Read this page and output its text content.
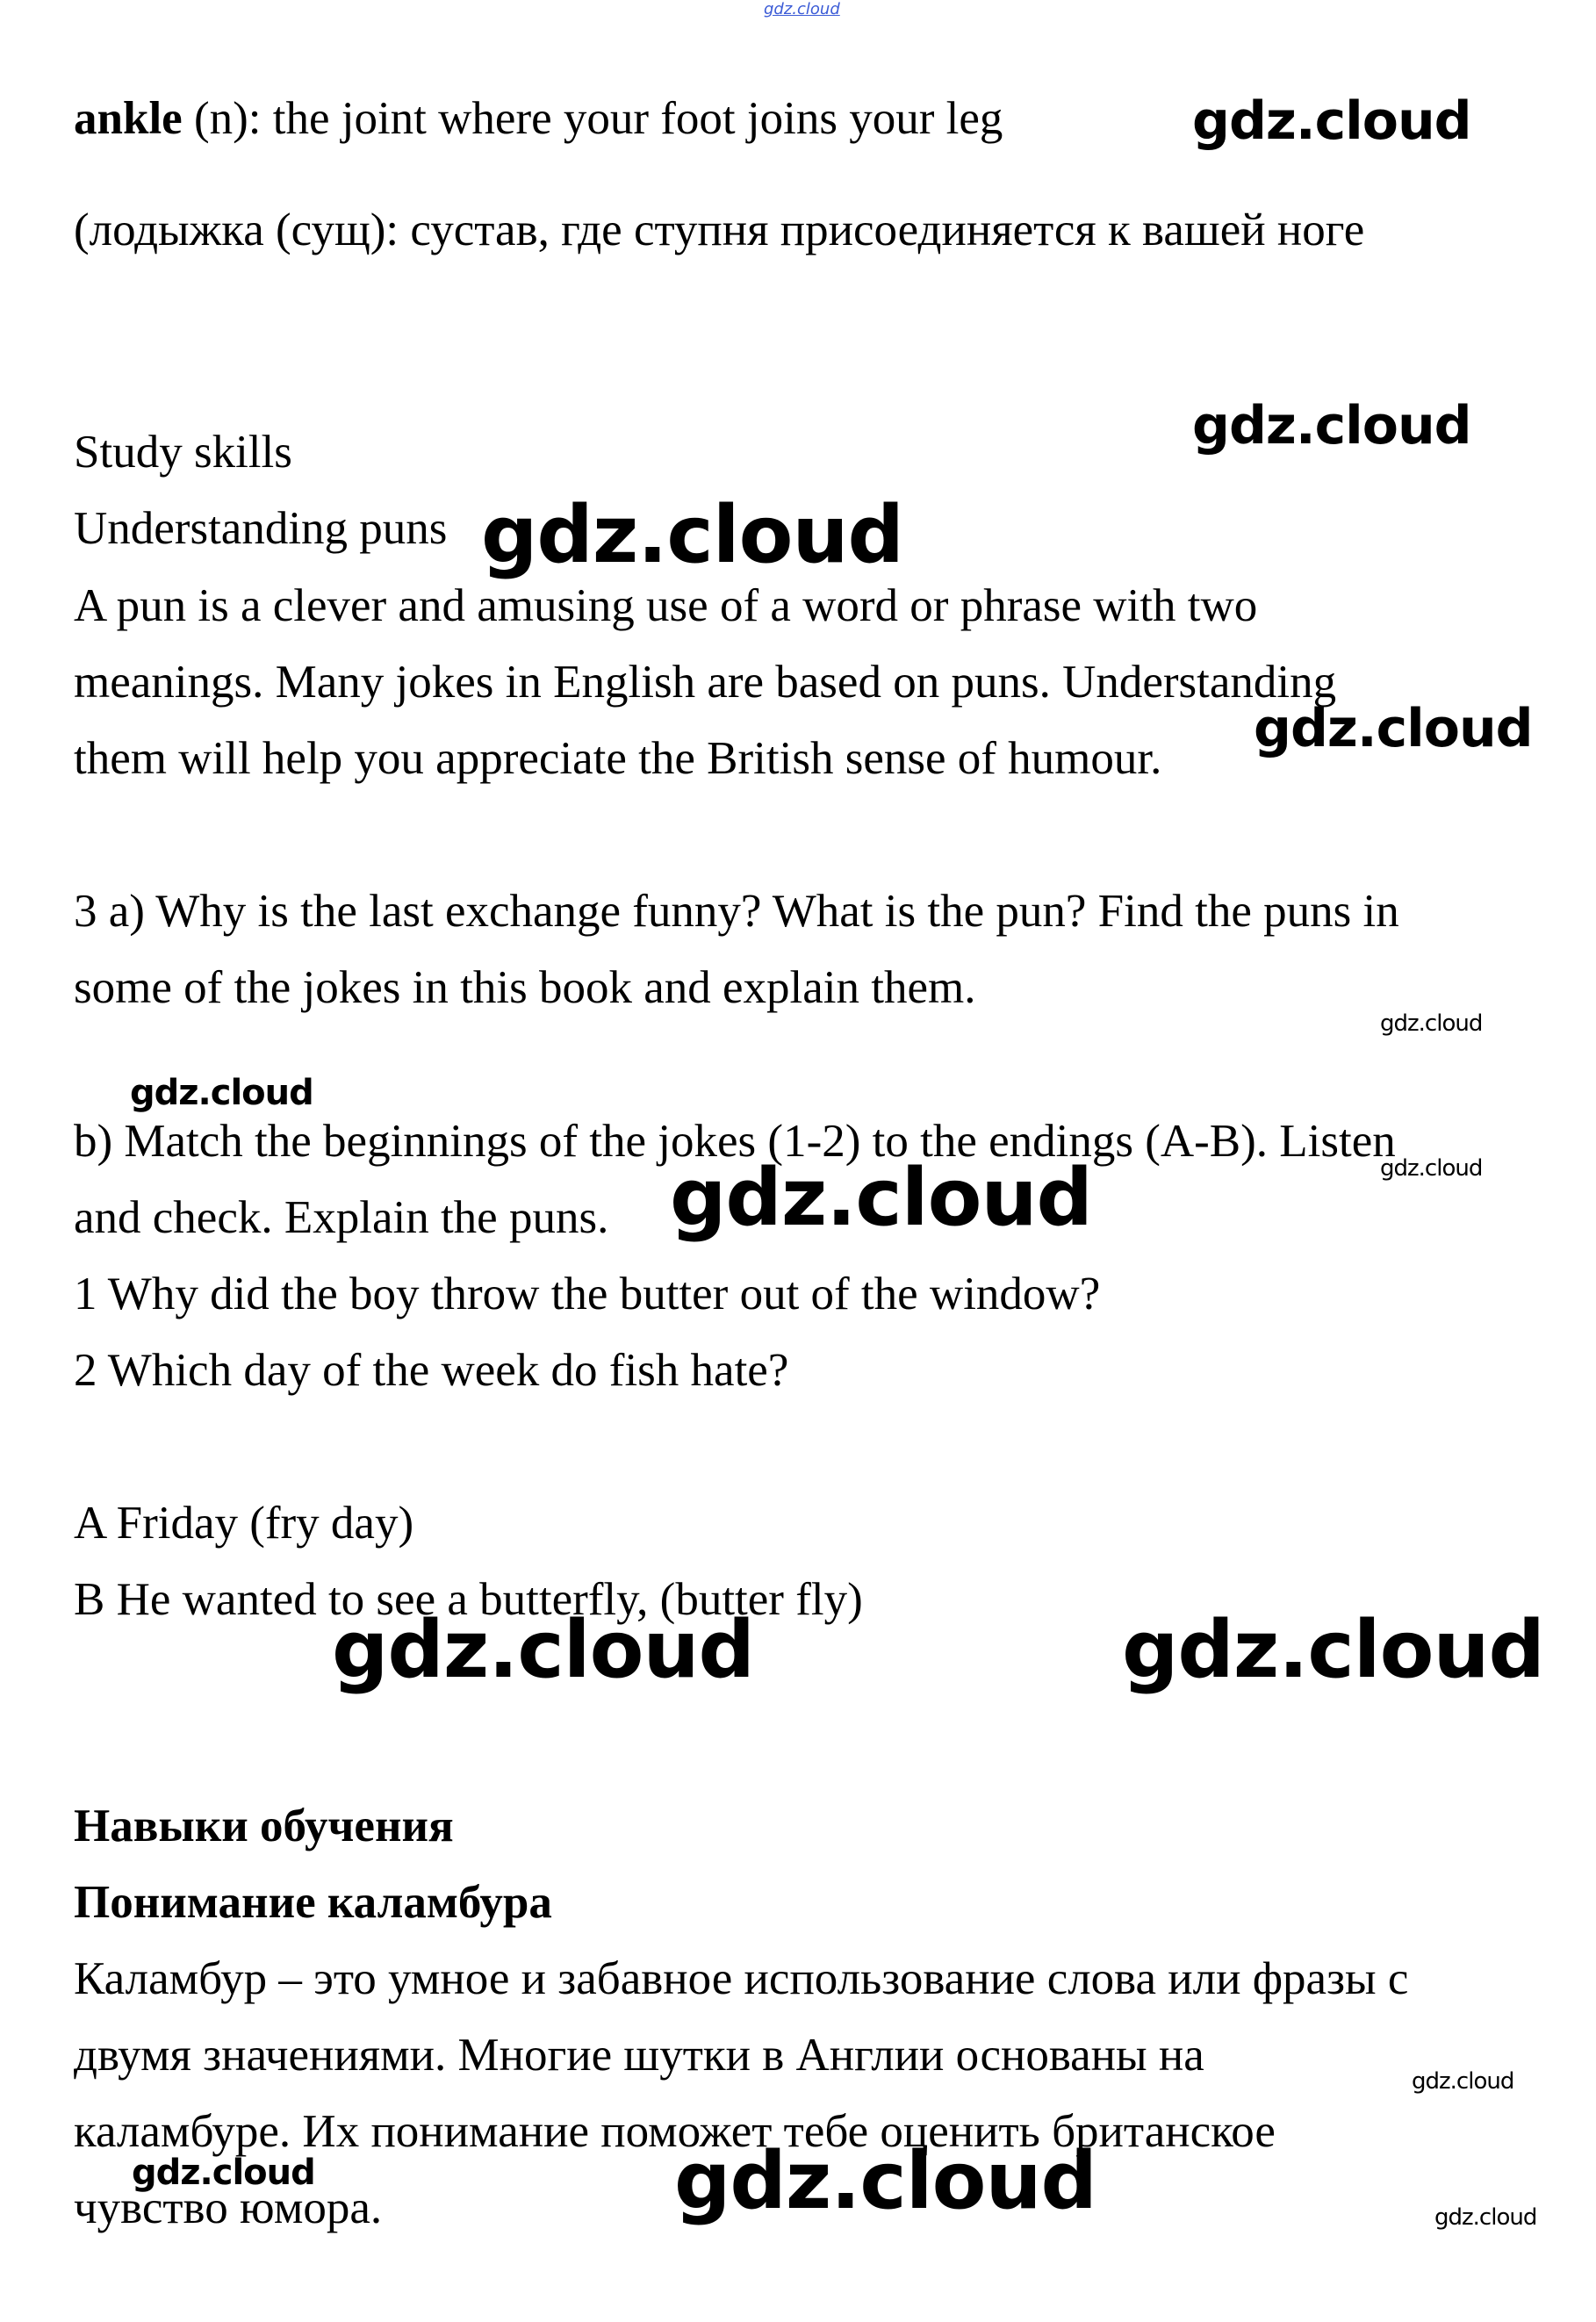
gdz.cloud

ankle (n): the joint where your foot joins your leg

(лодыжка (сущ): сустав, где ступня присоединяется к вашей ноге

Study skills

Understanding puns

A pun is a clever and amusing use of a word or phrase with two

meanings. Many jokes in English are based on puns. Understanding

them will help you appreciate the British sense of humour.

3 a) Why is the last exchange funny? What is the pun? Find the puns in

some of the jokes in this book and explain them.

b) Match the beginnings of the jokes (1-2) to the endings (A-B). Listen

and check. Explain the puns.

1 Why did the boy throw the butter out of the window?

2 Which day of the week do fish hate?

A Friday (fry day)

B He wanted to see a butterfly, (butter fly)

Навыки обучения

Понимание каламбура

Каламбур – это умное и забавное использование слова или фразы с

двумя значениями. Многие шутки в Англии основаны на

каламбуре. Их понимание поможет тебе оценить британское

чувство юмора.

gdz.cloud
gdz.cloud
gdz.cloud
gdz.cloud
gdz.cloud
gdz.cloud
gdz.cloud
gdz.cloud
gdz.cloud	gdz.cloud
gdz.cloud
gdz.cloud	gdz.cloud	gdz.cloud
